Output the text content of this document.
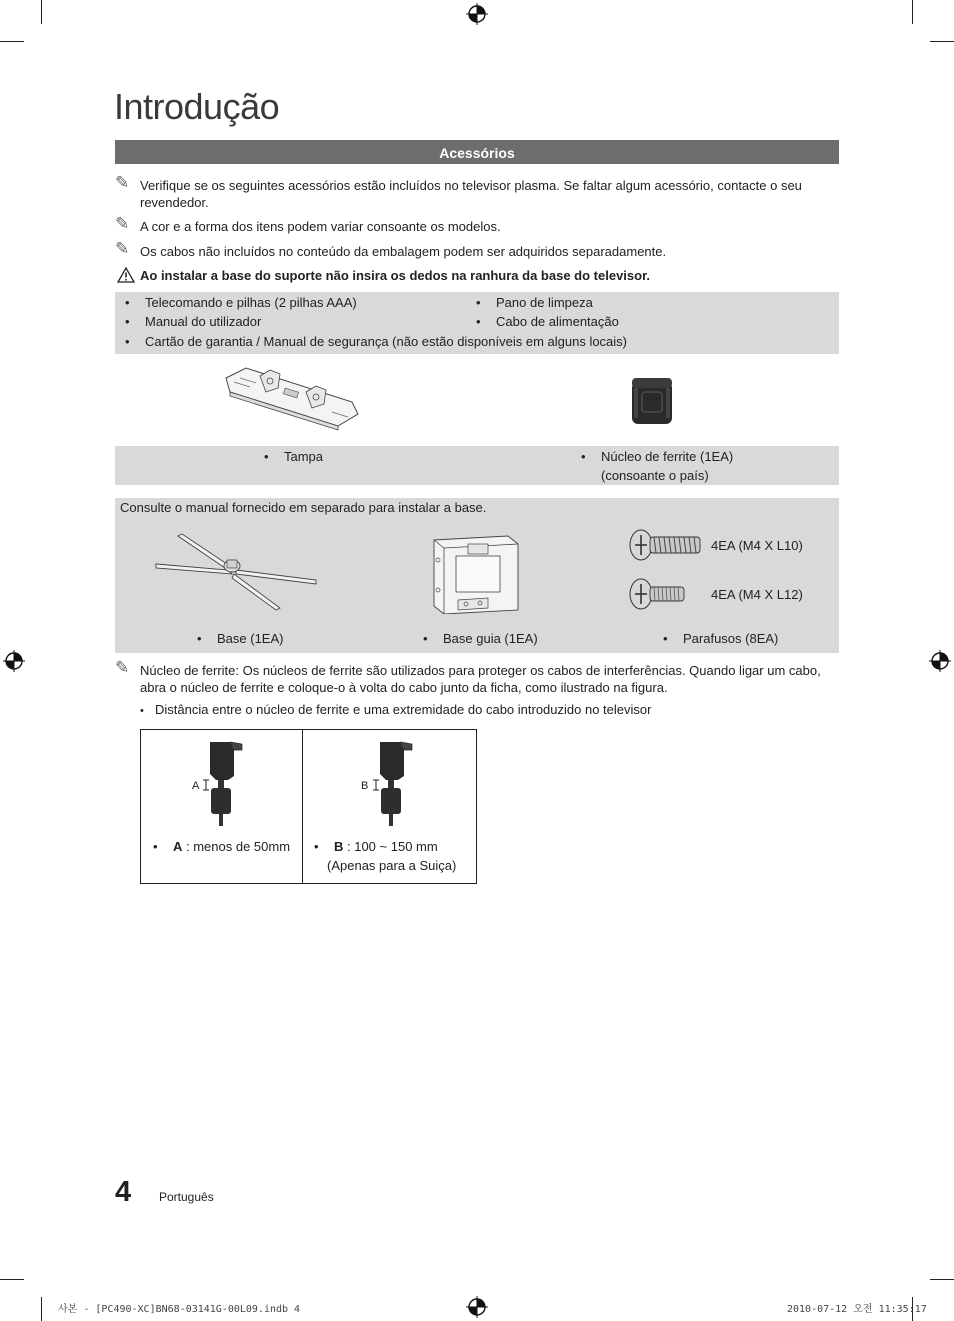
Introdução
Acessórios
✎ Verifique se os seguintes acessórios estão incluídos no televisor plasma. Se faltar algum acessório, contacte o seu revendedor.
✎ A cor e a forma dos itens podem variar consoante os modelos.
✎ Os cabos não incluídos no conteúdo da embalagem podem ser adquiridos separadamente.
Ao instalar a base do suporte não insira os dedos na ranhura da base do televisor.
• Telecomando e pilhas (2 pilhas AAA)	• Pano de limpeza
• Manual do utilizador	• Cabo de alimentação
• Cartão de garantia / Manual de segurança (não estão disponíveis em alguns locais)
• Tampa	• Núcleo de ferrite (1EA)
(consoante o país)
Consulte o manual fornecido em separado para instalar a base.
4EA (M4 X L10)
4EA (M4 X L12)
• Base (1EA)	• Base guia (1EA)	• Parafusos (8EA)
✎ Núcleo de ferrite: Os núcleos de ferrite são utilizados para proteger os cabos de interferências. Quando ligar um cabo, abra o núcleo de ferrite e coloque-o à volta do cabo junto da ficha, como ilustrado na figura.
• Distância entre o núcleo de ferrite e uma extremidade do cabo introduzido no televisor
A	B
• A : menos de 50mm • B : 100 ~ 150 mm
(Apenas para a Suiça)
4 Português
사본 - [PC490-XC]BN68-03141G-00L09.indb 4	2010-07-12 오전 11:35:17
